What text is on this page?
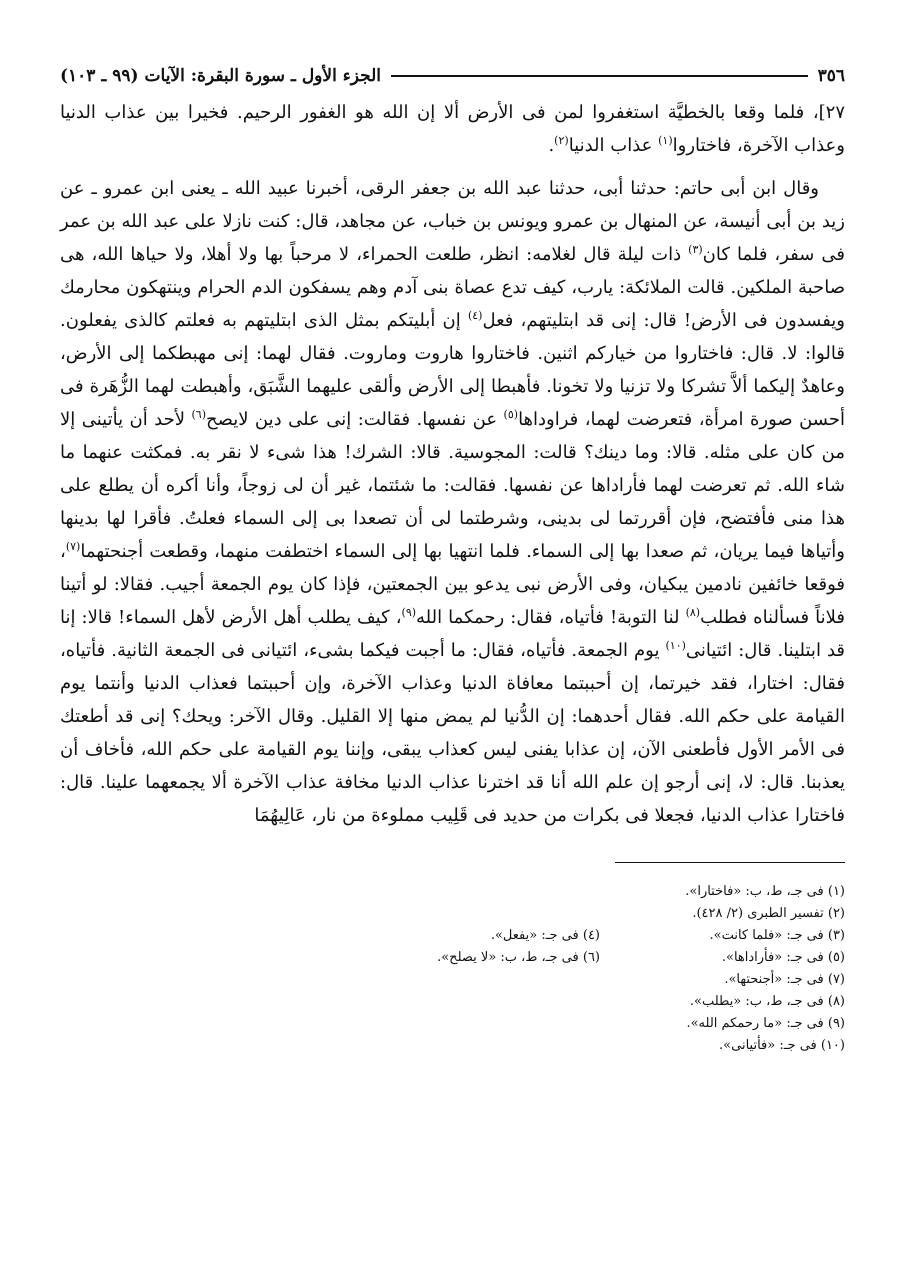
٣٥٦
الجزء الأول ـ سورة البقرة: الآيات (٩٩ ـ ١٠٣)

٢٧]، فلما وقعا بالخطيَّة استغفروا لمن فى الأرض ألا إن الله هو الغفور الرحيم. فخيرا بين عذاب الدنيا وعذاب الآخرة، فاختاروا$^{(١)}$ عذاب الدنيا$^{(٢)}$.

وقال ابن أبى حاتم: حدثنا أبى، حدثنا عبد الله بن جعفر الرقى، أخبرنا عبيد الله ـ يعنى ابن عمرو ـ عن زيد بن أبى أنيسة، عن المنهال بن عمرو ويونس بن خباب، عن مجاهد، قال: كنت نازلا على عبد الله بن عمر فى سفر، فلما كان$^{(٣)}$ ذات ليلة قال لغلامه: انظر، طلعت الحمراء، لا مرحباً بها ولا أهلا، ولا حياها الله، هى صاحبة الملكين. قالت الملائكة: يارب، كيف تدع عصاة بنى آدم وهم يسفكون الدم الحرام وينتهكون محارمك ويفسدون فى الأرض! قال: إنى قد ابتليتهم، فعل$^{(٤)}$ إن أبليتكم بمثل الذى ابتليتهم به فعلتم كالذى يفعلون. قالوا: لا. قال: فاختاروا من خياركم اثنين. فاختاروا هاروت وماروت. فقال لهما: إنى مهبطكما إلى الأرض، وعاهدٌ إليكما ألاَّ تشركا ولا تزنيا ولا تخونا. فأهبطا إلى الأرض وألقى عليهما الشَّبَق، وأهبطت لهما الزُّهَرة فى أحسن صورة امرأة، فتعرضت لهما، فراوداها$^{(٥)}$ عن نفسها. فقالت: إنى على دين لايصح$^{(٦)}$ لأحد أن يأتينى إلا من كان على مثله. قالا: وما دينك؟ قالت: المجوسية. قالا: الشرك! هذا شىء لا نقر به. فمكثت عنهما ما شاء الله. ثم تعرضت لهما فأراداها عن نفسها. فقالت: ما شئتما، غير أن لى زوجاً، وأنا أكره أن يطلع على هذا منى فأفتضح، فإن أقررتما لى بدينى، وشرطتما لى أن تصعدا بى إلى السماء فعلتُ. فأقرا لها بدينها وأتياها فيما يريان، ثم صعدا بها إلى السماء. فلما انتهيا بها إلى السماء اختطفت منهما، وقطعت أجنحتهما$^{(٧)}$، فوقعا خائفين نادمين يبكيان، وفى الأرض نبى يدعو بين الجمعتين، فإذا كان يوم الجمعة أجيب. فقالا: لو أتينا فلاناً فسألناه فطلب$^{(٨)}$ لنا التوبة! فأتياه، فقال: رحمكما الله$^{(٩)}$، كيف يطلب أهل الأرض لأهل السماء! قالا: إنا قد ابتلينا. قال: ائتيانى$^{(١٠)}$ يوم الجمعة. فأتياه، فقال: ما أجبت فيكما بشىء، ائتيانى فى الجمعة الثانية. فأتياه، فقال: اختارا، فقد خيرتما، إن أحببتما معافاة الدنيا وعذاب الآخرة، وإن أحببتما فعذاب الدنيا وأنتما يوم القيامة على حكم الله. فقال أحدهما: إن الدُّنيا لم يمض منها إلا القليل. وقال الآخر: ويحك؟ إنى قد أطعتك فى الأمر الأول فأطعنى الآن، إن عذابا يفنى ليس كعذاب يبقى، وإننا يوم القيامة على حكم الله، فأخاف أن يعذبنا. قال: لا، إنى أرجو إن علم الله أنا قد اخترنا عذاب الدنيا مخافة عذاب الآخرة ألا يجمعهما علينا. قال: فاختارا عذاب الدنيا، فجعلا فى بكرات من حديد فى قَلِيب مملوءة من نار، عَالِيهُمَا

(١) فى جـ، ط، ب: «فاختارا».
(٢) تفسير الطبرى (٢/ ٤٢٨).
(٣) فى جـ: «فلما كانت».
(٥) فى جـ: «فأراداها».
(٧) فى جـ: «أجنحتها».
(٨) فى جـ، ط، ب: «يطلب».
(٩) فى جـ: «ما رحمكم الله».
(١٠) فى جـ: «فأتيانى».
(٤) فى جـ: «يفعل».
(٦) فى جـ، ط، ب: «لا يصلح».
